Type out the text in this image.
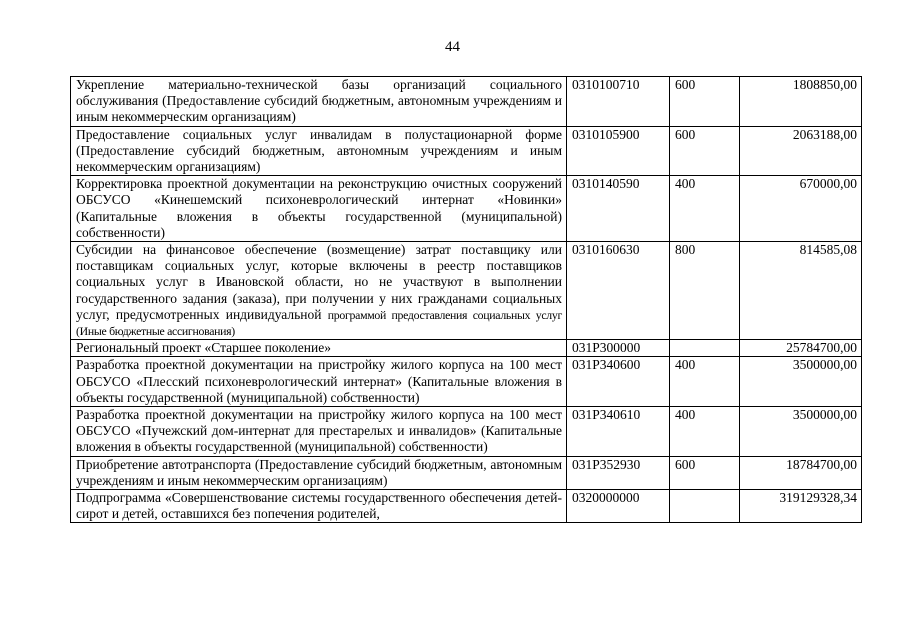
44
Укрепление материально-технической базы организаций социального обслуживания (Предоставление субсидий бюджетным, автономным учреждениям и иным некоммерческим организациям)	0310100710	600	1808850,00
Предоставление социальных услуг инвалидам в полустационарной форме (Предоставление субсидий бюджетным, автономным учреждениям и иным некоммерческим организациям)	0310105900	600	2063188,00
Корректировка проектной документации на реконструкцию очистных сооружений ОБСУСО «Кинешемский психоневрологический интернат «Новинки» (Капитальные вложения в объекты государственной (муниципальной) собственности)	0310140590	400	670000,00
Субсидии на финансовое обеспечение (возмещение) затрат поставщику или поставщикам социальных услуг, которые включены в реестр поставщиков социальных услуг в Ивановской области, но не участвуют в выполнении государственного задания (заказа), при получении у них гражданами социальных услуг, предусмотренных индивидуальной программой предоставления социальных услуг (Иные бюджетные ассигнования)	0310160630	800	814585,08
Региональный проект «Старшее поколение»	031P300000		25784700,00
Разработка проектной документации на пристройку жилого корпуса на 100 мест ОБСУСО «Плесский психоневрологический интернат» (Капитальные вложения в объекты государственной (муниципальной) собственности)	031P340600	400	3500000,00
Разработка проектной документации на пристройку жилого корпуса на 100 мест ОБСУСО «Пучежский дом-интернат для престарелых и инвалидов» (Капитальные вложения в объекты государственной (муниципальной) собственности)	031P340610	400	3500000,00
Приобретение автотранспорта (Предоставление субсидий бюджетным, автономным учреждениям и иным некоммерческим организациям)	031P352930	600	18784700,00
Подпрограмма «Совершенствование системы государственного обеспечения детей-сирот и детей, оставшихся без попечения родителей,	0320000000		319129328,34
